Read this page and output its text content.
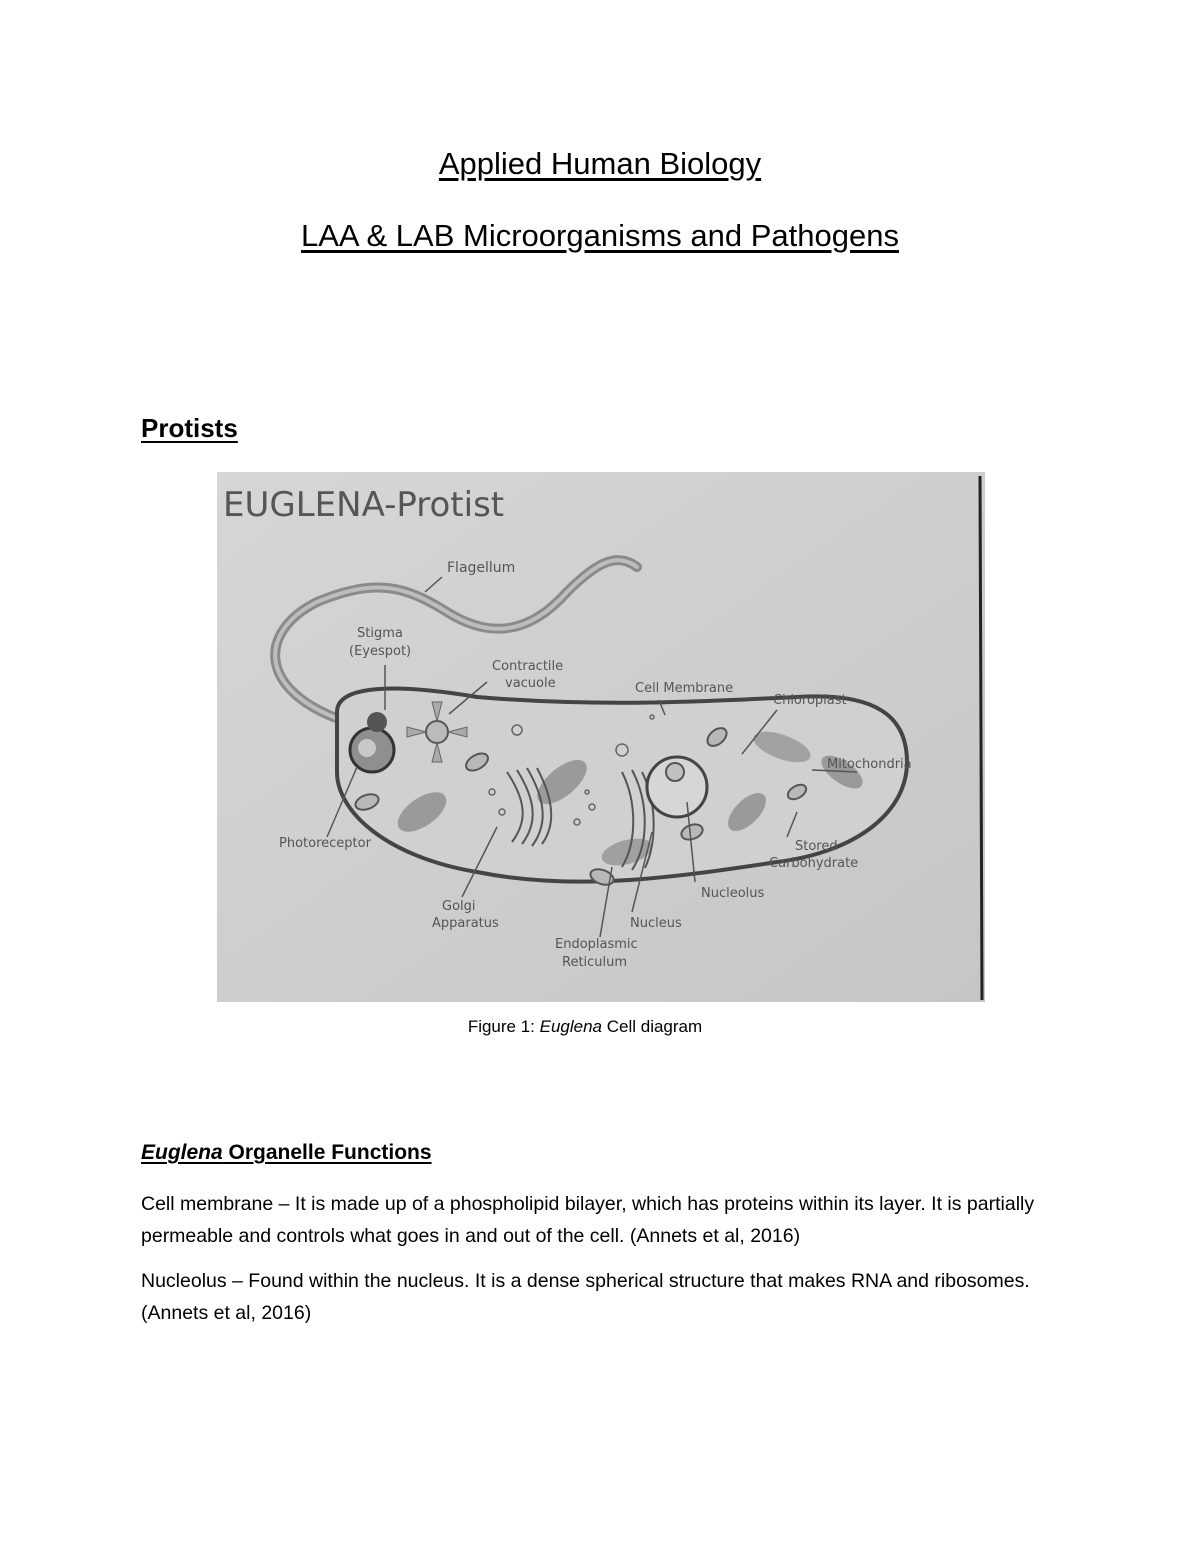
Applied Human Biology
LAA & LAB Microorganisms and Pathogens
Protists
EUGLENA-Protist
Flagellum
Stigma
(Eyespot)
Contractile
vacuole	Cell Membrane
Chloroplast
Mitochondria
Photoreceptor	Stored
Carbohydrate
Golgi
Apparatus
Nucleolus
Nucleus
Endoplasmic
Reticulum
Figure 1: Euglena Cell diagram
Euglena Organelle Functions
Cell membrane – It is made up of a phospholipid bilayer, which has proteins within its layer. It is partially permeable and controls what goes in and out of the cell. (Annets et al, 2016)
Nucleolus – Found within the nucleus. It is a dense spherical structure that makes RNA and ribosomes. (Annets et al, 2016)
